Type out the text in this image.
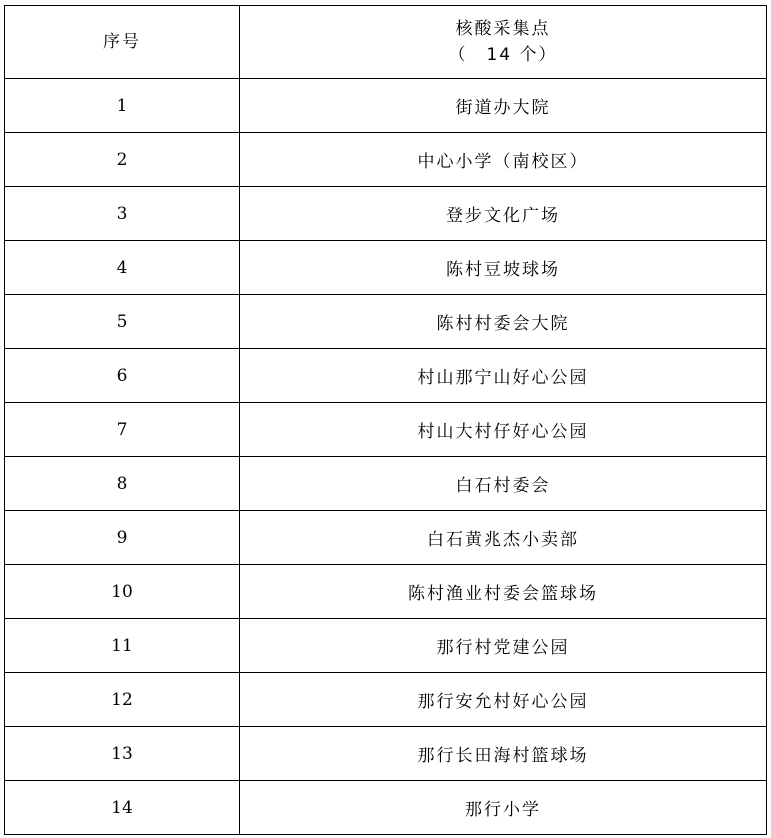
序号	核酸采集点
（　14 个）

1	街道办大院
2	中心小学（南校区）
3	登步文化广场
4	陈村豆坡球场
5	陈村村委会大院
6	村山那宁山好心公园
7	村山大村仔好心公园
8	白石村委会
9	白石黄兆杰小卖部
10	陈村渔业村委会篮球场
11	那行村党建公园
12	那行安允村好心公园
13	那行长田海村篮球场
14	那行小学
